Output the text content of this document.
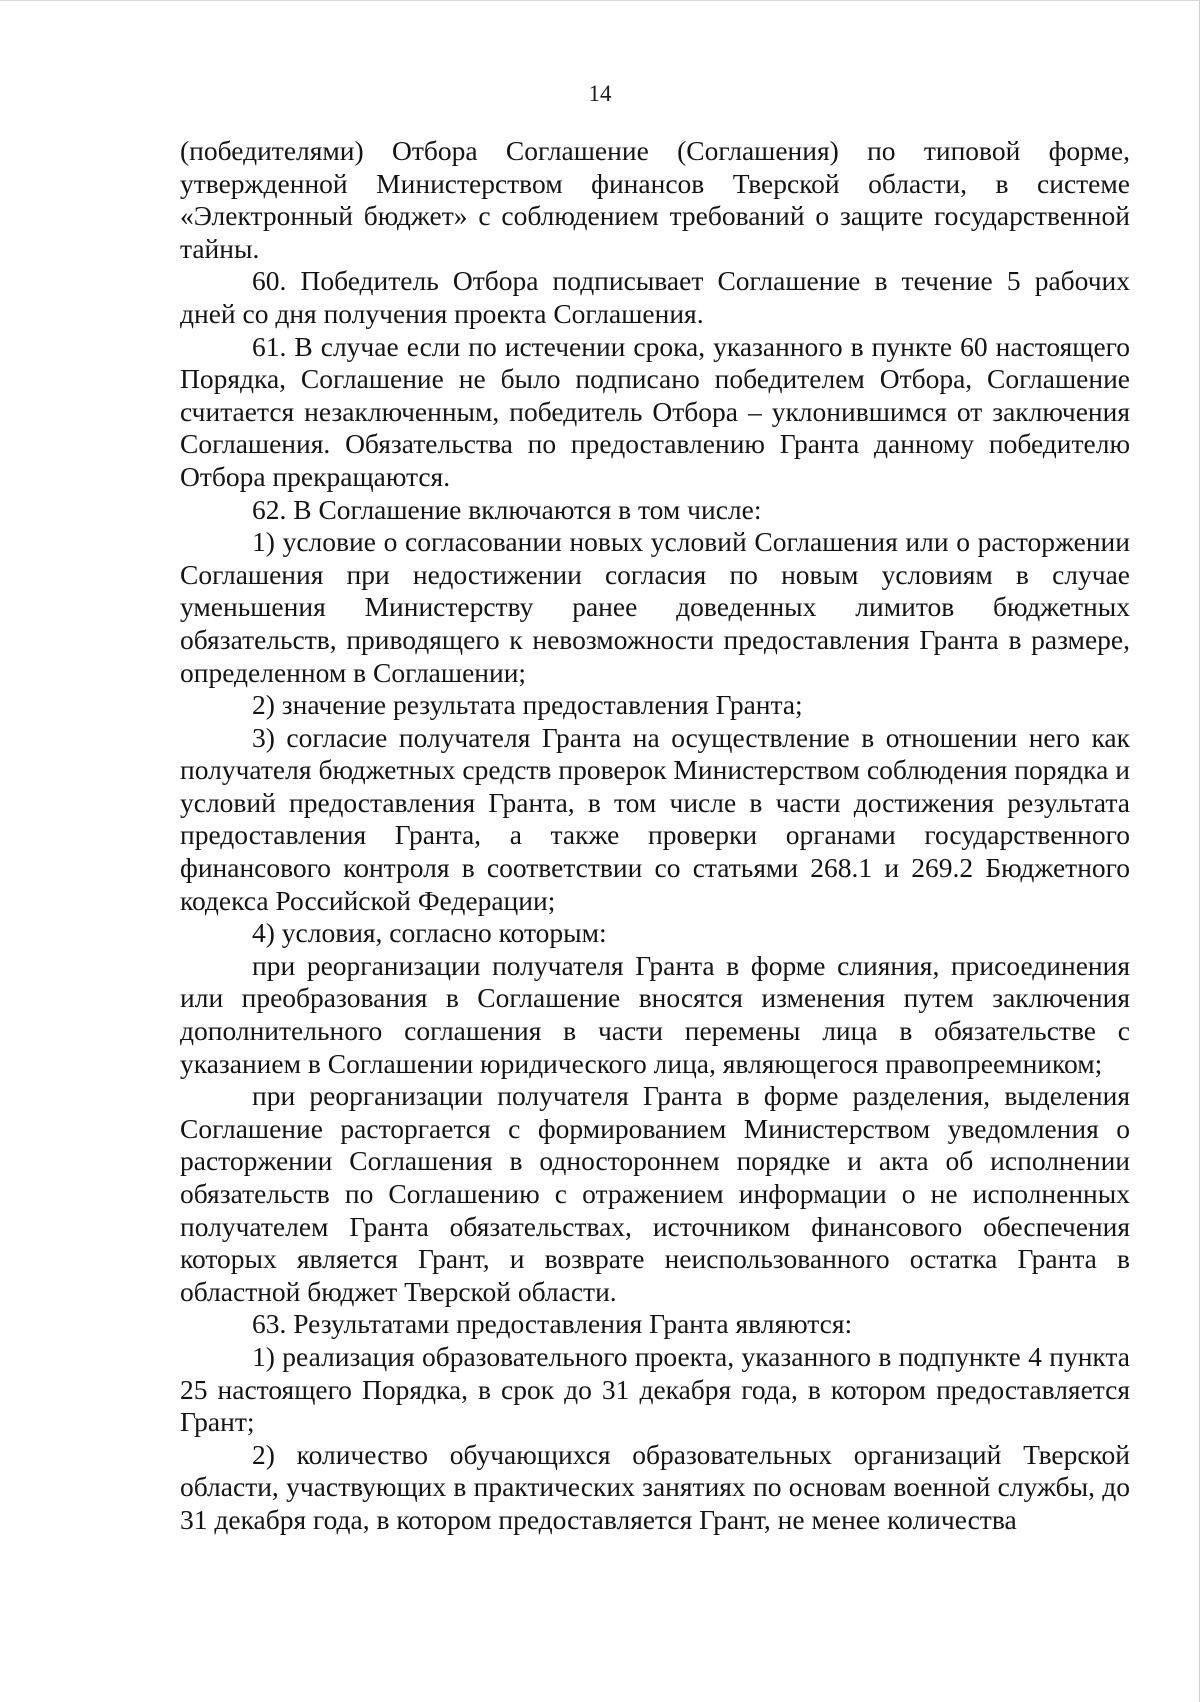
14

(победителями) Отбора Соглашение (Соглашения) по типовой форме, утвержденной Министерством финансов Тверской области, в системе «Электронный бюджет» с соблюдением требований о защите государственной тайны.

60. Победитель Отбора подписывает Соглашение в течение 5 рабочих дней со дня получения проекта Соглашения.

61. В случае если по истечении срока, указанного в пункте 60 настоящего Порядка, Соглашение не было подписано победителем Отбора, Соглашение считается незаключенным, победитель Отбора – уклонившимся от заключения Соглашения. Обязательства по предоставлению Гранта данному победителю Отбора прекращаются.

62. В Соглашение включаются в том числе:

1) условие о согласовании новых условий Соглашения или о расторжении Соглашения при недостижении согласия по новым условиям в случае уменьшения Министерству ранее доведенных лимитов бюджетных обязательств, приводящего к невозможности предоставления Гранта в размере, определенном в Соглашении;

2) значение результата предоставления Гранта;

3) согласие получателя Гранта на осуществление в отношении него как получателя бюджетных средств проверок Министерством соблюдения порядка и условий предоставления Гранта, в том числе в части достижения результата предоставления Гранта, а также проверки органами государственного финансового контроля в соответствии со статьями 268.1 и 269.2 Бюджетного кодекса Российской Федерации;

4) условия, согласно которым:

при реорганизации получателя Гранта в форме слияния, присоединения или преобразования в Соглашение вносятся изменения путем заключения дополнительного соглашения в части перемены лица в обязательстве с указанием в Соглашении юридического лица, являющегося правопреемником;

при реорганизации получателя Гранта в форме разделения, выделения Соглашение расторгается с формированием Министерством уведомления о расторжении Соглашения в одностороннем порядке и акта об исполнении обязательств по Соглашению с отражением информации о не исполненных получателем Гранта обязательствах, источником финансового обеспечения которых является Грант, и возврате неиспользованного остатка Гранта в областной бюджет Тверской области.

63. Результатами предоставления Гранта являются:

1) реализация образовательного проекта, указанного в подпункте 4 пункта 25 настоящего Порядка, в срок до 31 декабря года, в котором предоставляется Грант;

2) количество обучающихся образовательных организаций Тверской области, участвующих в практических занятиях по основам военной службы, до 31 декабря года, в котором предоставляется Грант, не менее количества
